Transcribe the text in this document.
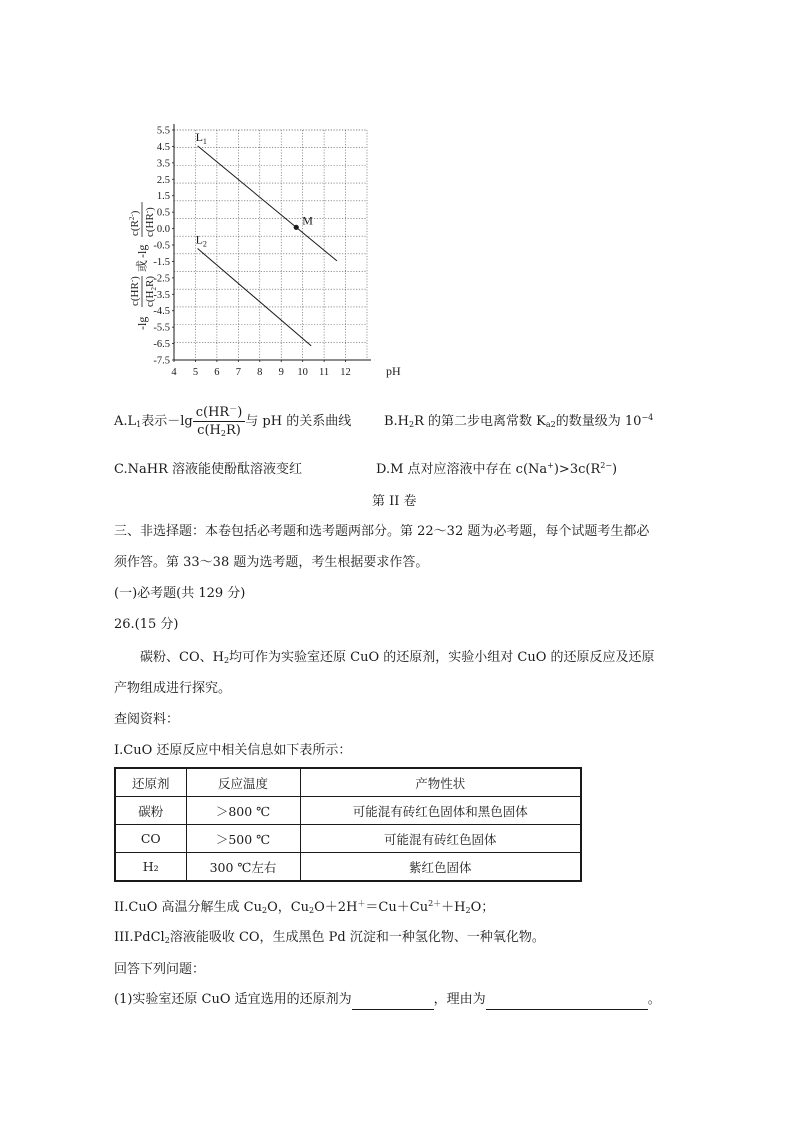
5.5
4.5
3.5
2.5
1.5
0.5
0.0
-0.5
-1.5
-2.5
-3.5
-4.5
-5.5
-6.5
-7.5
4 5 6 7 8 9 10 11 12
$L_1$
$L_2$
M
-lg
c(HR-)
$c(H_2R)$
或
-lg
$c(R^{2-})$
c(HR-)
pH
$A.L_1$表示$-\lg \frac{c(HR^-)}{c(H_2R)}$ 与 pH 的关系曲线	$B.H_2R$ 的第二步电离常数 $K_{a2}$的数量级为 $10^{-4}$
C.NaHR 溶液能使酚酞溶液变红	D.M 点对应溶液中存在 $c(Na^+)>3c(R^{2-})$
第 II 卷
三、非选择题：本卷包括必考题和选考题两部分。第 22～32 题为必考题，每个试题考生都必
须作答。第 33～38 题为选考题，考生根据要求作答。
(一)必考题(共 129 分)
26.(15 分)
碳粉、CO、$H_2$均可作为实验室还原 CuO 的还原剂，实验小组对 CuO 的还原反应及还原
产物组成进行探究。
查阅资料：
I.CuO 还原反应中相关信息如下表所示：
还原剂	反应温度	产物性状
碳粉	＞800 ℃	可能混有砖红色固体和黑色固体
CO	＞500 ℃	可能混有砖红色固体
H₂	300 ℃左右	紫红色固体
II.CuO 高温分解生成 $Cu_2O$，$Cu_2O+2H^+=Cu+Cu^{2+}+H_2O$；
III.PdCl$_2$溶液能吸收 CO，生成黑色 Pd 沉淀和一种氢化物、一种氧化物。
回答下列问题：
(1)实验室还原 CuO 适宜选用的还原剂为	，理由为	。
